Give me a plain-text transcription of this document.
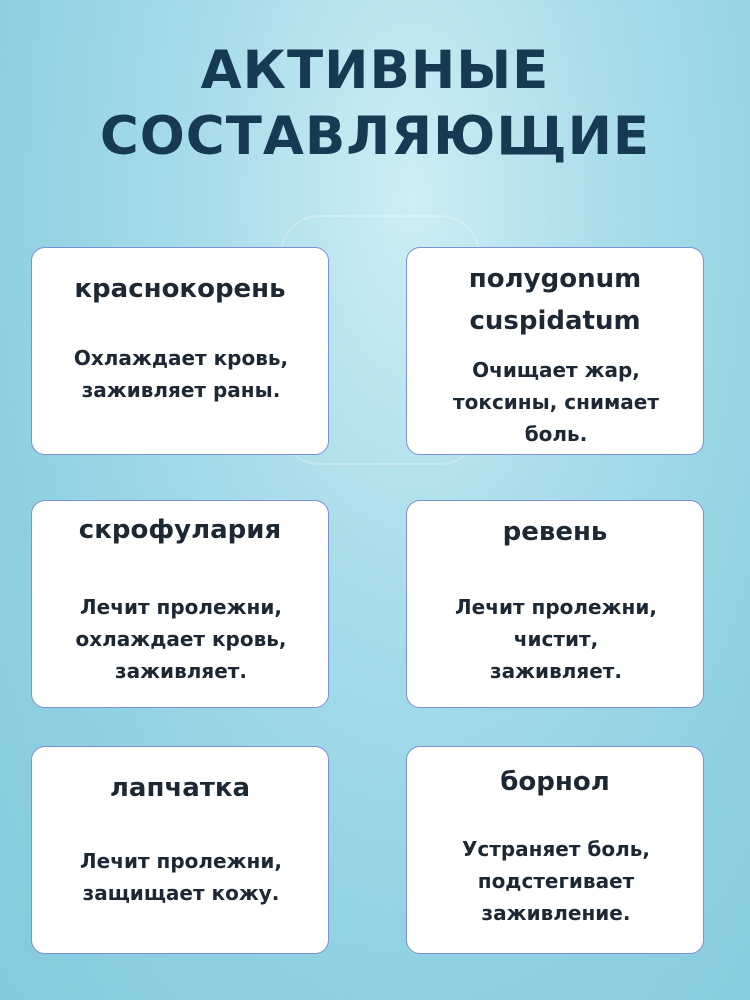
АКТИВНЫЕ
СОСТАВЛЯЮЩИЕ
краснокорень
Охлаждает кровь,
заживляет раны.
полygonum
cuspidatum
Очищает жар,
токсины, снимает
боль.
скрофулария
Лечит пролежни,
охлаждает кровь,
заживляет.
ревень
Лечит пролежни,
чистит,
заживляет.
лапчатка
Лечит пролежни,
защищает кожу.
борнол
Устраняет боль,
подстегивает
заживление.
